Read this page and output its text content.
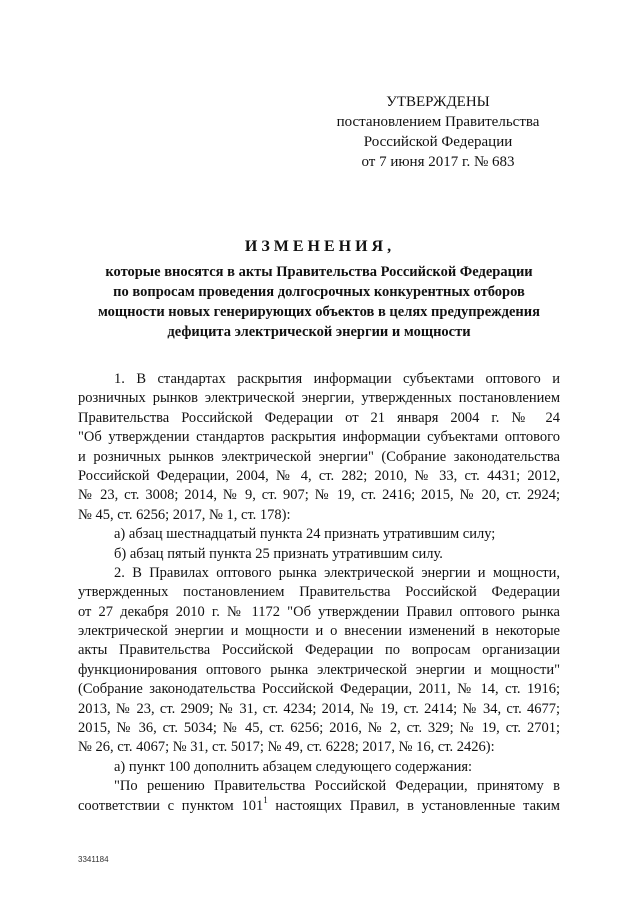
УТВЕРЖДЕНЫ
постановлением Правительства
Российской Федерации
от 7 июня 2017 г. № 683
ИЗМЕНЕНИЯ,
которые вносятся в акты Правительства Российской Федерации
по вопросам проведения долгосрочных конкурентных отборов
мощности новых генерирующих объектов в целях предупреждения
дефицита электрической энергии и мощности
1. В стандартах раскрытия информации субъектами оптового и
розничных рынков электрической энергии, утвержденных постановлением
Правительства Российской Федерации от 21 января 2004 г. № 24
"Об утверждении стандартов раскрытия информации субъектами оптового
и розничных рынков электрической энергии" (Собрание законодательства
Российской Федерации, 2004, № 4, ст. 282; 2010, № 33, ст. 4431; 2012,
№ 23, ст. 3008; 2014, № 9, ст. 907; № 19, ст. 2416; 2015, № 20, ст. 2924;
№ 45, ст. 6256; 2017, № 1, ст. 178):
а) абзац шестнадцатый пункта 24 признать утратившим силу;
б) абзац пятый пункта 25 признать утратившим силу.
2. В Правилах оптового рынка электрической энергии и мощности,
утвержденных постановлением Правительства Российской Федерации
от 27 декабря 2010 г. № 1172 "Об утверждении Правил оптового рынка
электрической энергии и мощности и о внесении изменений в некоторые
акты Правительства Российской Федерации по вопросам организации
функционирования оптового рынка электрической энергии и мощности"
(Собрание законодательства Российской Федерации, 2011, № 14, ст. 1916;
2013, № 23, ст. 2909; № 31, ст. 4234; 2014, № 19, ст. 2414; № 34, ст. 4677;
2015, № 36, ст. 5034; № 45, ст. 6256; 2016, № 2, ст. 329; № 19, ст. 2701;
№ 26, ст. 4067; № 31, ст. 5017; № 49, ст. 6228; 2017, № 16, ст. 2426):
а) пункт 100 дополнить абзацем следующего содержания:
"По решению Правительства Российской Федерации, принятому в
соответствии с пунктом $101^1$ настоящих Правил, в установленные таким
3341184
